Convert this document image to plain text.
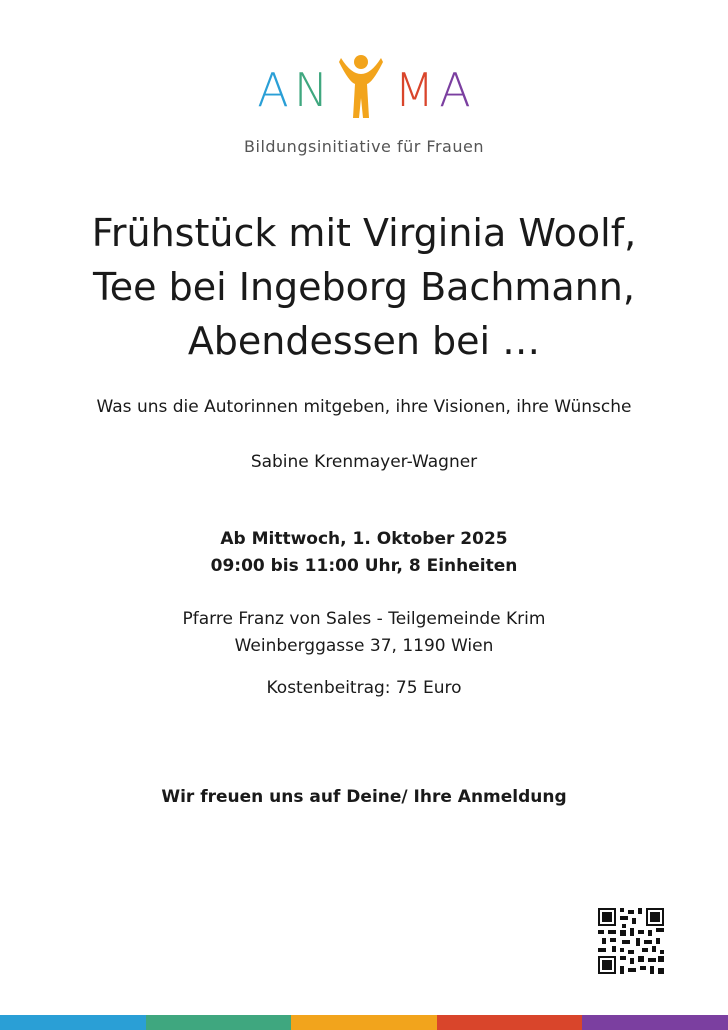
A N M A
Bildungsinitiative für Frauen
Frühstück mit Virginia Woolf,
Tee bei Ingeborg Bachmann,
Abendessen bei …
Was uns die Autorinnen mitgeben, ihre Visionen, ihre Wünsche
Sabine Krenmayer-Wagner
Ab Mittwoch, 1. Oktober 2025
09:00 bis 11:00 Uhr, 8 Einheiten
Pfarre Franz von Sales - Teilgemeinde Krim
Weinberggasse 37, 1190 Wien
Kostenbeitrag: 75 Euro
Wir freuen uns auf Deine/ Ihre Anmeldung
